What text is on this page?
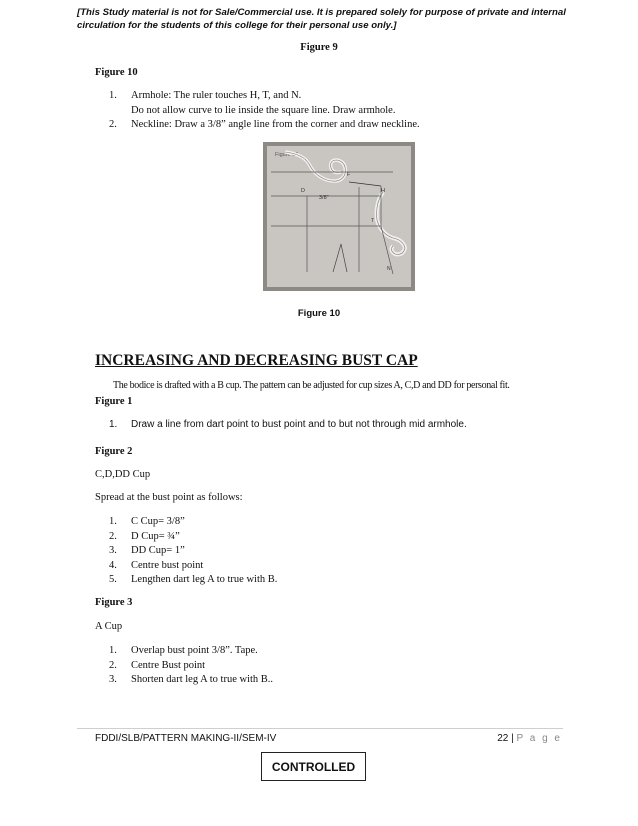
[This Study material is not for Sale/Commercial use. It is prepared solely for purpose of private and internal circulation for the students of this college for their personal use only.]
Figure 9
Figure 10
1. Armhole: The ruler touches H, T, and N.
Do not allow curve to lie inside the square line. Draw armhole.
2. Neckline: Draw a 3/8” angle line from the corner and draw neckline.
Figure 10
D
F
H
T
N
3/8"
Figure 10
INCREASING AND DECREASING BUST CAP
The bodice is drafted with a B cup. The pattern can be adjusted for cup sizes A, C,D and DD for personal fit.
Figure 1
1. Draw a line from dart point to bust point and to but not through mid armhole.
Figure 2
C,D,DD Cup
Spread at the bust point as follows:
1. C Cup= 3/8”
2. D Cup= ¾”
3. DD Cup= 1”
4. Centre bust point
5. Lengthen dart leg A to true with B.
Figure 3
A Cup
1. Overlap bust point 3/8”. Tape.
2. Centre Bust point
3. Shorten dart leg A to true with B..
FDDI/SLB/PATTERN MAKING-II/SEM-IV	22 | P a g e
CONTROLLED
